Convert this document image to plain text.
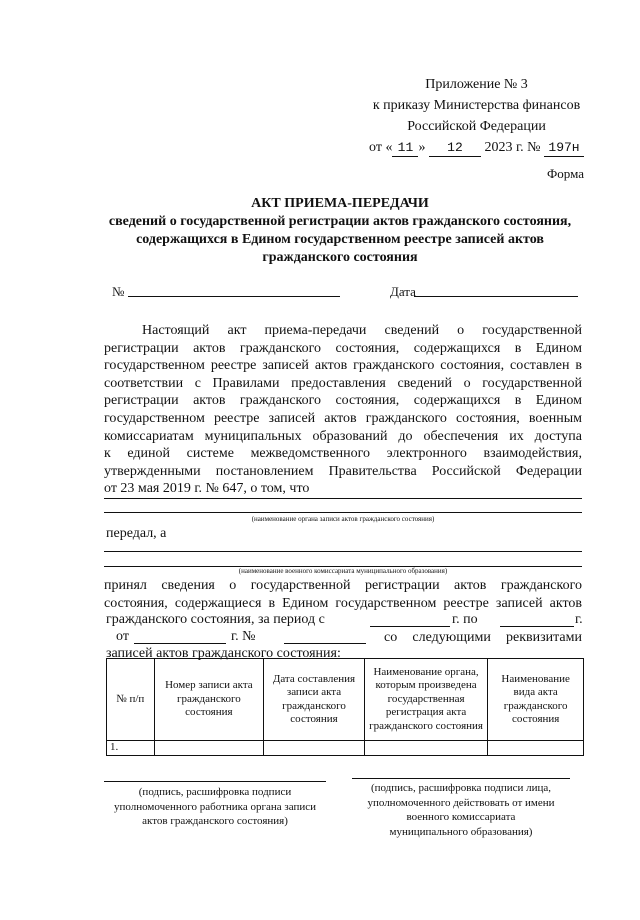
Приложение № 3
к приказу Министерства финансов
Российской Федерации
от « 11 » 12 2023 г. № 197н
Форма
АКТ ПРИЕМА-ПЕРЕДАЧИ
сведений о государственной регистрации актов гражданского состояния,
содержащихся в Едином государственном реестре записей актов
гражданского состояния
№	Дата
Настоящий акт приема-передачи сведений о государственной
регистрации актов гражданского состояния, содержащихся в Едином
государственном реестре записей актов гражданского состояния, составлен в
соответствии с Правилами предоставления сведений о государственной
регистрации актов гражданского состояния, содержащихся в Едином
государственном реестре записей актов гражданского состояния, военным
комиссариатам муниципальных образований до обеспечения их доступа
к единой системе межведомственного электронного взаимодействия,
утвержденными постановлением Правительства Российской Федерации
от 23 мая 2019 г. № 647, о том, что
(наименование органа записи актов гражданского состояния)
передал, а
(наименование военного комиссариата муниципального образования)
принял сведения о государственной регистрации актов гражданского
состояния, содержащиеся в Едином государственном реестре записей актов
гражданского состояния, за период с	г. по	г.
от	г. №	со следующими реквизитами
записей актов гражданского состояния:
№ п/п	Номер записи акта гражданского состояния	Дата составления записи акта гражданского состояния	Наименование органа, которым произведена государственная регистрация акта гражданского состояния	Наименование вида акта гражданского состояния
1.				
(подпись, расшифровка подписи
уполномоченного работника органа записи
актов гражданского состояния)
(подпись, расшифровка подписи лица,
уполномоченного действовать от имени
военного комиссариата
муниципального образования)
